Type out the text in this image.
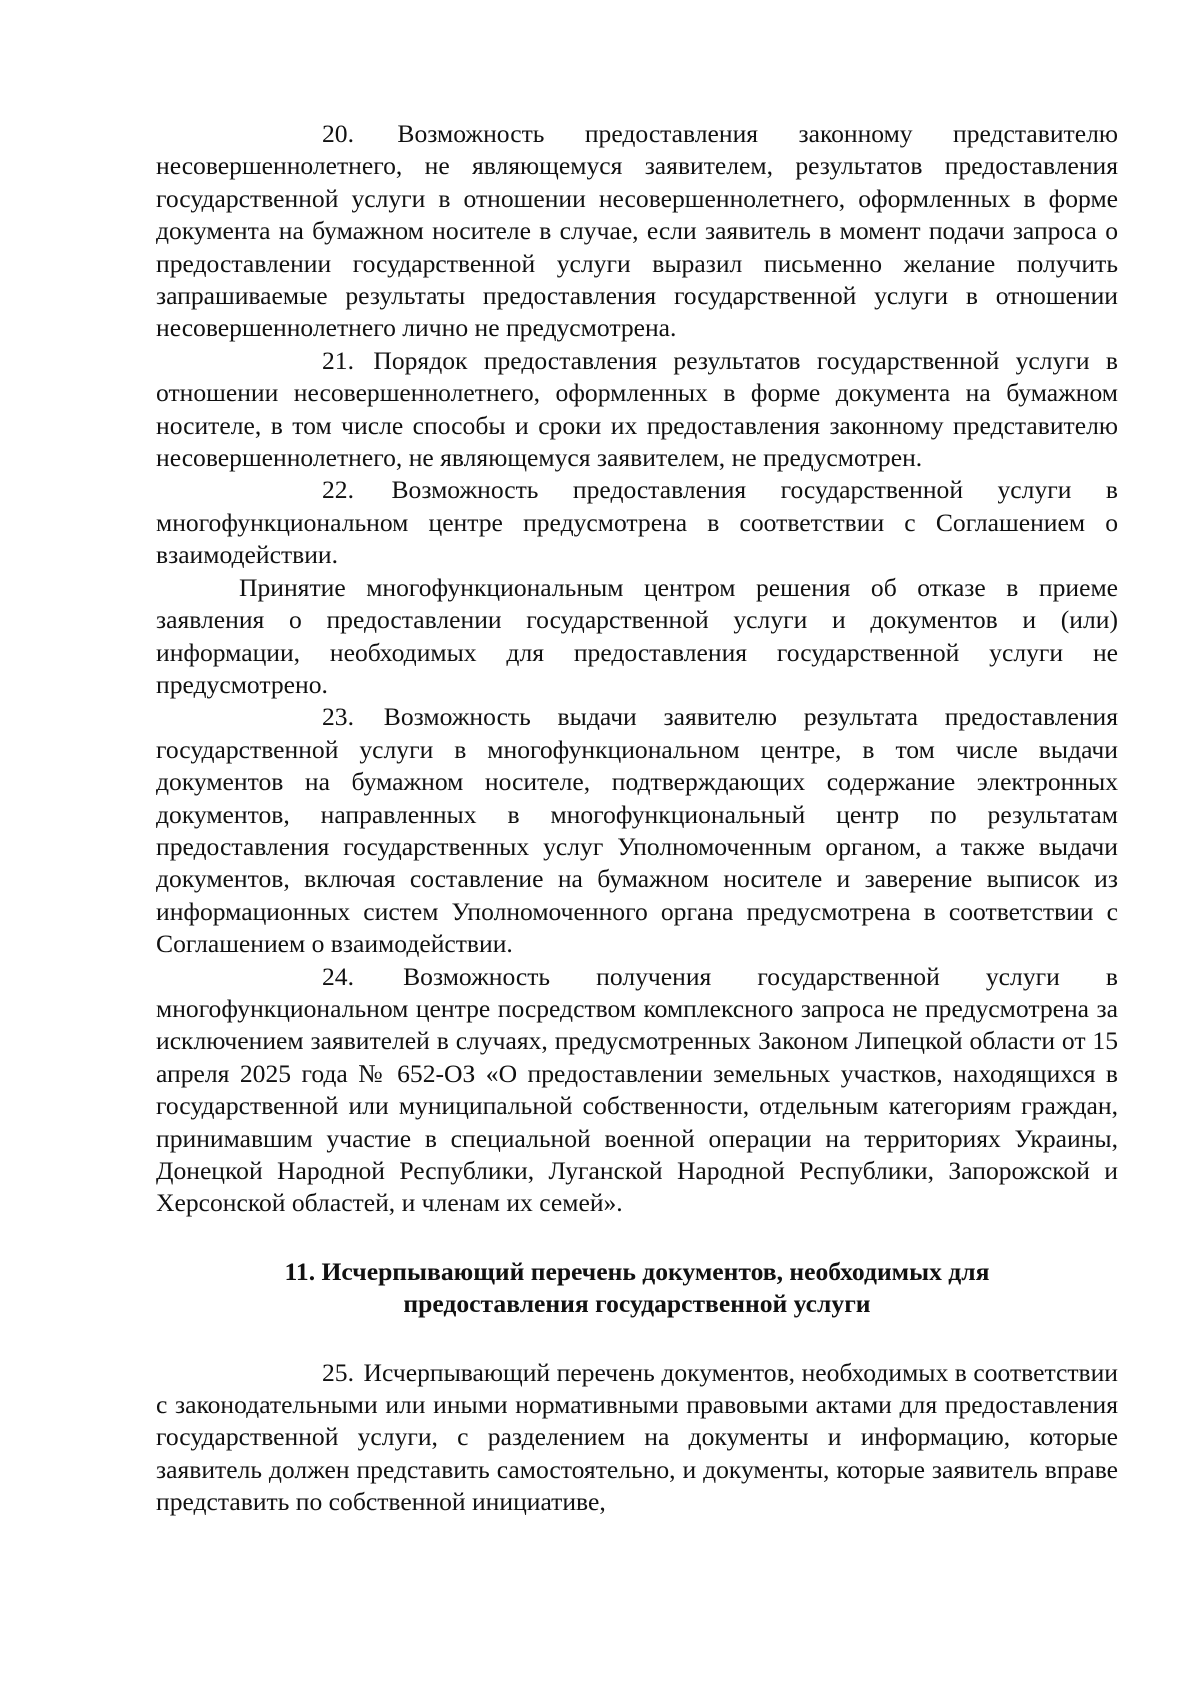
20. Возможность предоставления законному представителю несовершеннолетнего, не являющемуся заявителем, результатов предоставления государственной услуги в отношении несовершеннолетнего, оформленных в форме документа на бумажном носителе в случае, если заявитель в момент подачи запроса о предоставлении государственной услуги выразил письменно желание получить запрашиваемые результаты предоставления государственной услуги в отношении несовершеннолетнего лично не предусмотрена.

21. Порядок предоставления результатов государственной услуги в отношении несовершеннолетнего, оформленных в форме документа на бумажном носителе, в том числе способы и сроки их предоставления законному представителю несовершеннолетнего, не являющемуся заявителем, не предусмотрен.

22. Возможность предоставления государственной услуги в многофункциональном центре предусмотрена в соответствии с Соглашением о взаимодействии.

Принятие многофункциональным центром решения об отказе в приеме заявления о предоставлении государственной услуги и документов и (или) информации, необходимых для предоставления государственной услуги не предусмотрено.

23. Возможность выдачи заявителю результата предоставления государственной услуги в многофункциональном центре, в том числе выдачи документов на бумажном носителе, подтверждающих содержание электронных документов, направленных в многофункциональный центр по результатам предоставления государственных услуг Уполномоченным органом, а также выдачи документов, включая составление на бумажном носителе и заверение выписок из информационных систем Уполномоченного органа предусмотрена в соответствии с Соглашением о взаимодействии.

24. Возможность получения государственной услуги в многофункциональном центре посредством комплексного запроса не предусмотрена за исключением заявителей в случаях, предусмотренных Законом Липецкой области от 15 апреля 2025 года № 652-ОЗ «О предоставлении земельных участков, находящихся в государственной или муниципальной собственности, отдельным категориям граждан, принимавшим участие в специальной военной операции на территориях Украины, Донецкой Народной Республики, Луганской Народной Республики, Запорожской и Херсонской областей, и членам их семей».

11. Исчерпывающий перечень документов, необходимых для
предоставления государственной услуги

25. Исчерпывающий перечень документов, необходимых в соответствии с законодательными или иными нормативными правовыми актами для предоставления государственной услуги, с разделением на документы и информацию, которые заявитель должен представить самостоятельно, и документы, которые заявитель вправе представить по собственной инициативе,
